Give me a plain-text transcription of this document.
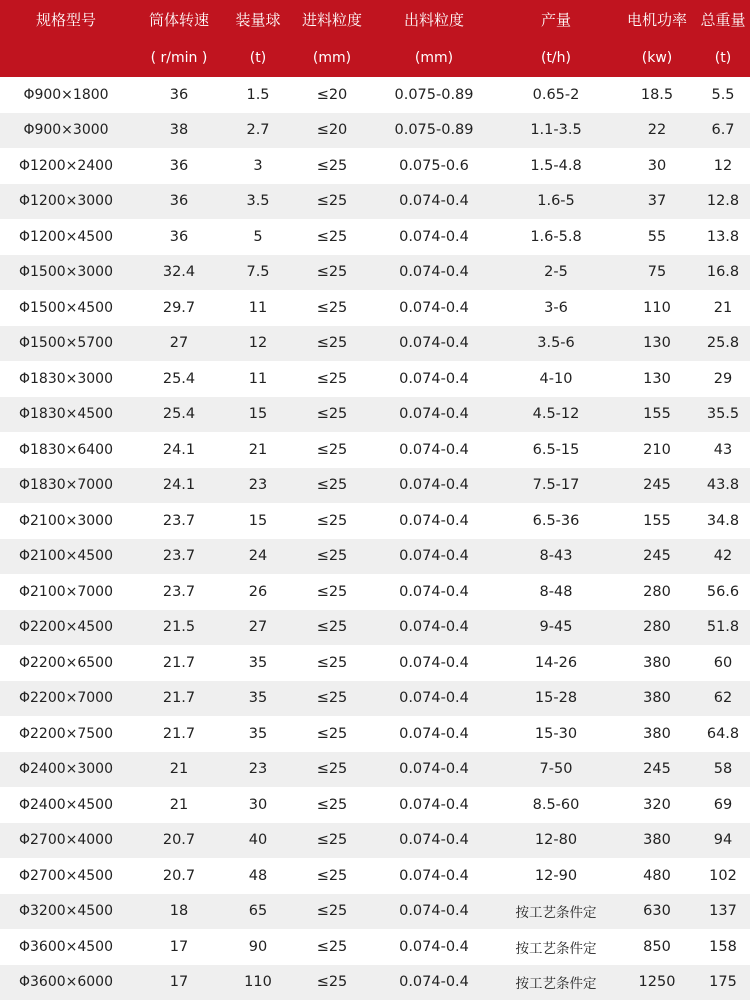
规格型号	筒体转速	装量球	进料粒度	出料粒度	产量	电机功率	总重量
	( r/min )	(t)	(mm)	(mm)	(t/h)	(kw)	(t)
Φ900×1800	36	1.5	≤20	0.075-0.89	0.65-2	18.5	5.5
Φ900×3000	38	2.7	≤20	0.075-0.89	1.1-3.5	22	6.7
Φ1200×2400	36	3	≤25	0.075-0.6	1.5-4.8	30	12
Φ1200×3000	36	3.5	≤25	0.074-0.4	1.6-5	37	12.8
Φ1200×4500	36	5	≤25	0.074-0.4	1.6-5.8	55	13.8
Φ1500×3000	32.4	7.5	≤25	0.074-0.4	2-5	75	16.8
Φ1500×4500	29.7	11	≤25	0.074-0.4	3-6	110	21
Φ1500×5700	27	12	≤25	0.074-0.4	3.5-6	130	25.8
Φ1830×3000	25.4	11	≤25	0.074-0.4	4-10	130	29
Φ1830×4500	25.4	15	≤25	0.074-0.4	4.5-12	155	35.5
Φ1830×6400	24.1	21	≤25	0.074-0.4	6.5-15	210	43
Φ1830×7000	24.1	23	≤25	0.074-0.4	7.5-17	245	43.8
Φ2100×3000	23.7	15	≤25	0.074-0.4	6.5-36	155	34.8
Φ2100×4500	23.7	24	≤25	0.074-0.4	8-43	245	42
Φ2100×7000	23.7	26	≤25	0.074-0.4	8-48	280	56.6
Φ2200×4500	21.5	27	≤25	0.074-0.4	9-45	280	51.8
Φ2200×6500	21.7	35	≤25	0.074-0.4	14-26	380	60
Φ2200×7000	21.7	35	≤25	0.074-0.4	15-28	380	62
Φ2200×7500	21.7	35	≤25	0.074-0.4	15-30	380	64.8
Φ2400×3000	21	23	≤25	0.074-0.4	7-50	245	58
Φ2400×4500	21	30	≤25	0.074-0.4	8.5-60	320	69
Φ2700×4000	20.7	40	≤25	0.074-0.4	12-80	380	94
Φ2700×4500	20.7	48	≤25	0.074-0.4	12-90	480	102
Φ3200×4500	18	65	≤25	0.074-0.4	按工艺条件定	630	137
Φ3600×4500	17	90	≤25	0.074-0.4	按工艺条件定	850	158
Φ3600×6000	17	110	≤25	0.074-0.4	按工艺条件定	1250	175
